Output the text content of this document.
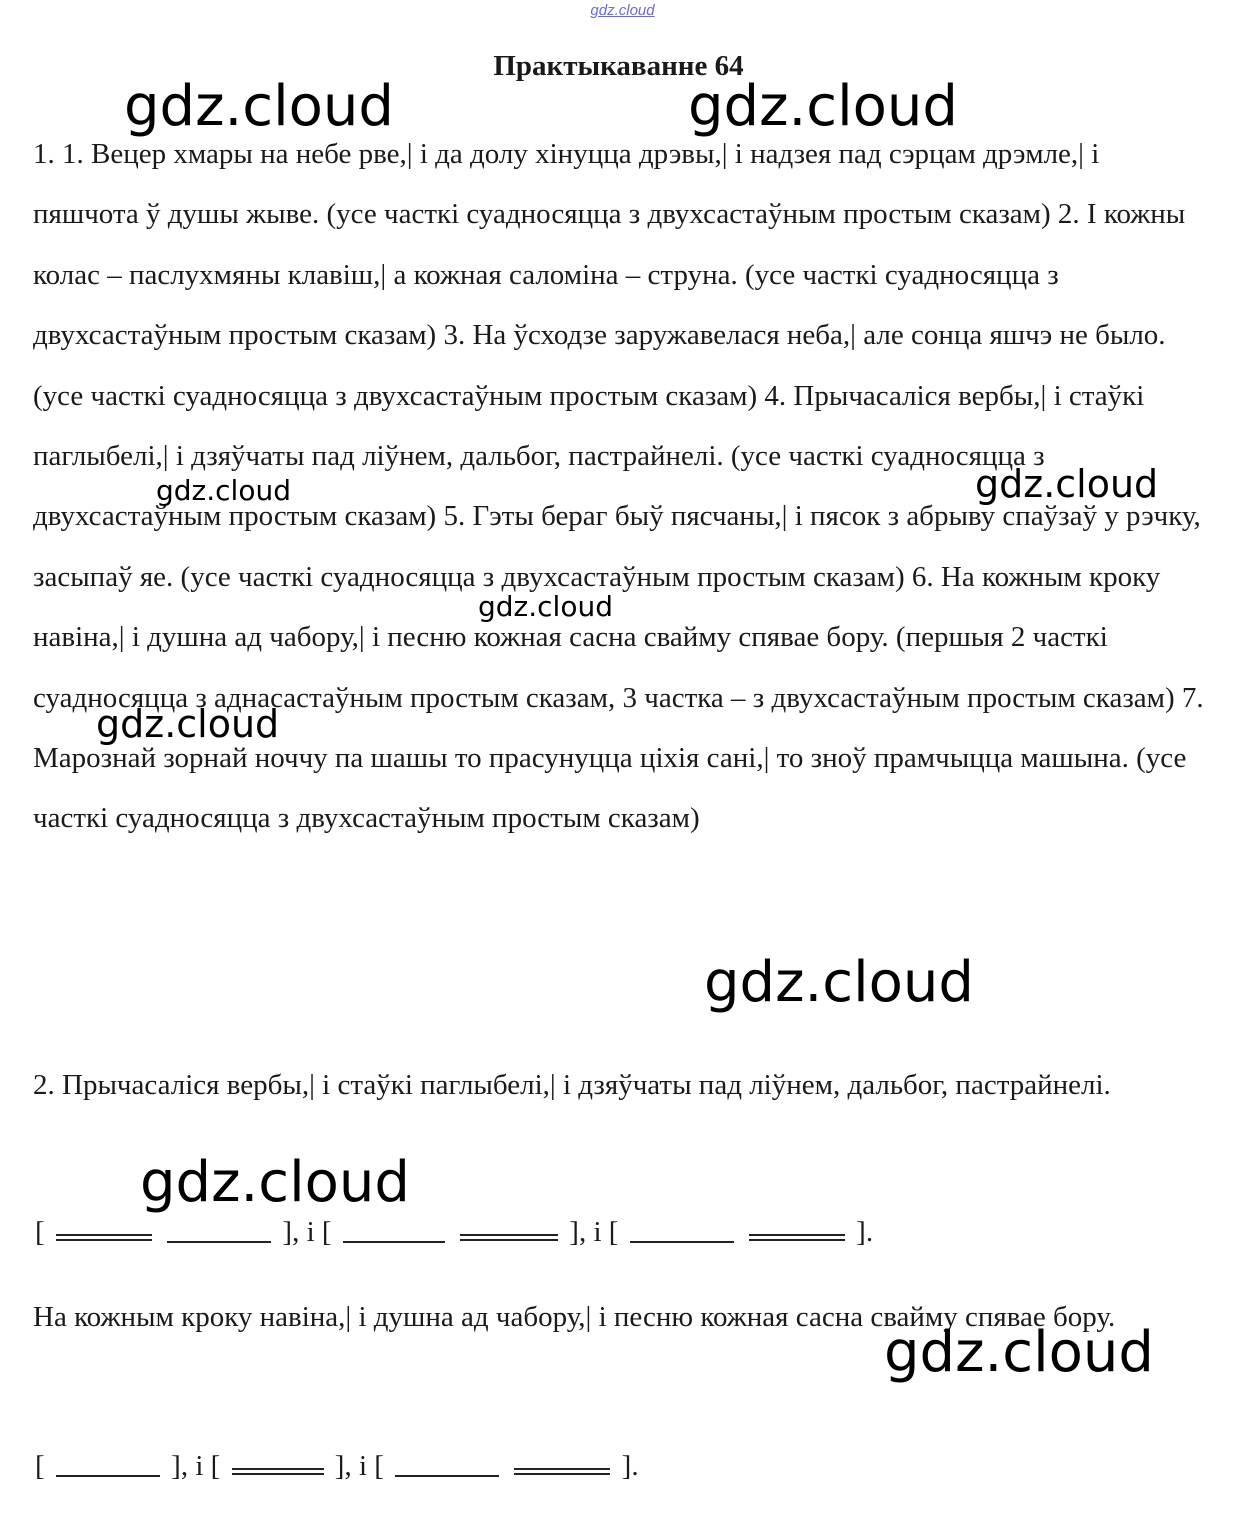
gdz.cloud
Практыкаванне 64

1. 1. Вецер хмары на небе рве,| і да долу хінуцца дрэвы,| і надзея пад сэрцам дрэмле,| і пяшчота ў душы жыве. (усе часткі суадносяцца з двухсастаўным простым сказам) 2. І кожны колас – паслухмяны клавіш,| а кожная саломіна – струна. (усе часткі суадносяцца з двухсастаўным простым сказам) 3. На ўсходзе заружавелася неба,| але сонца яшчэ не было. (усе часткі суадносяцца з двухсастаўным простым сказам) 4. Прычасаліся вербы,| і стаўкі паглыбелі,| і дзяўчаты пад ліўнем, дальбог, пастрайнелі. (усе часткі суадносяцца з двухсастаўным простым сказам) 5. Гэты бераг быў пясчаны,| і пясок з абрыву спаўзаў у рэчку, засыпаў яе. (усе часткі суадносяцца з двухсастаўным простым сказам) 6. На кожным кроку навіна,| і душна ад чабору,| і песню кожная сасна свайму спявае бору. (першыя 2 часткі суадносяцца з аднасастаўным простым сказам, 3 частка – з двухсастаўным простым сказам) 7. Марознай зорнай ноччу па шашы то прасунуцца ціхія сані,| то зноў прамчыцца машына. (усе часткі суадносяцца з двухсастаўным простым сказам)

2. Прычасаліся вербы,| і стаўкі паглыбелі,| і дзяўчаты пад ліўнем, дальбог, пастрайнелі.

[	], і [	], і [	].

На кожным кроку навіна,| і душна ад чабору,| і песню кожная сасна свайму спявае бору.

[	], і [	], і [	].
gdz.cloud	gdz.cloud
gdz.cloud	gdz.cloud
gdz.cloud
gdz.cloud
gdz.cloud
gdz.cloud
gdz.cloud
